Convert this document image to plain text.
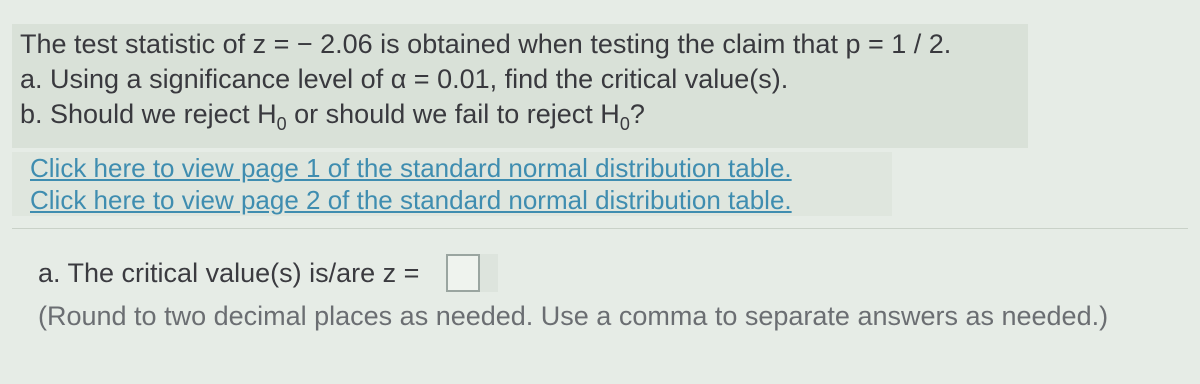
The test statistic of z = − 2.06 is obtained when testing the claim that p = 1 / 2.
a. Using a significance level of α = 0.01, find the critical value(s).
b. Should we reject $H_0$ or should we fail to reject $H_0$?
Click here to view page 1 of the standard normal distribution table.
Click here to view page 2 of the standard normal distribution table.
a. The critical value(s) is/are z =
(Round to two decimal places as needed. Use a comma to separate answers as needed.)
